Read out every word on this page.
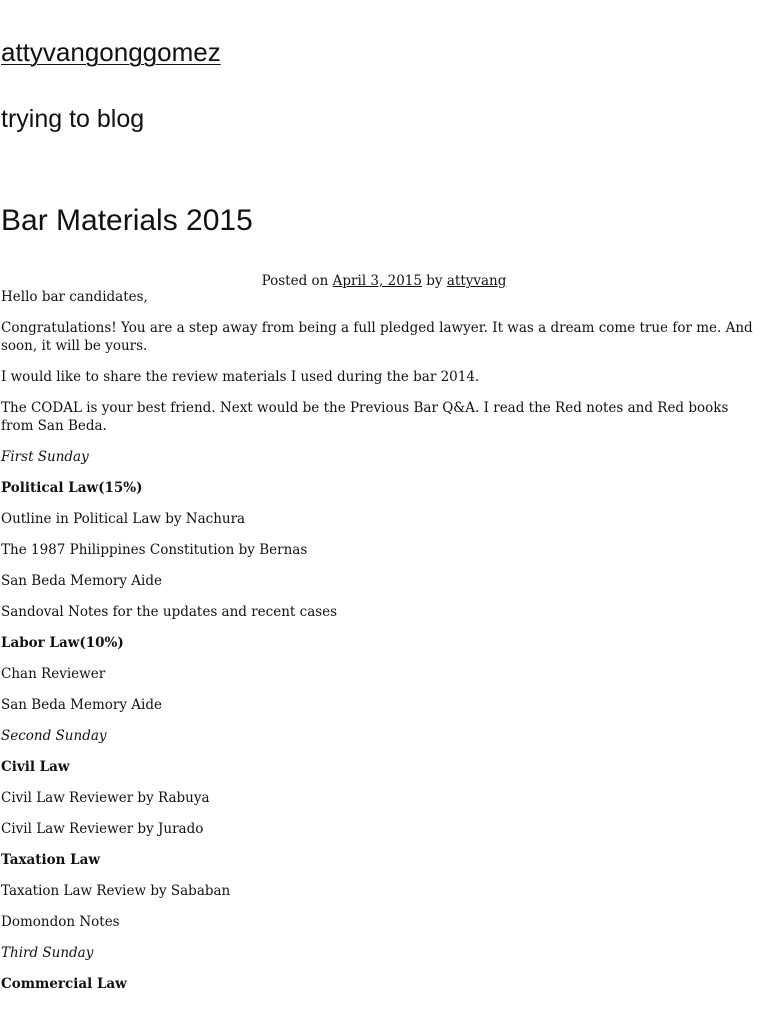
attyvangonggomez
trying to blog
Bar Materials 2015
Posted on April 3, 2015 by attyvang

Hello bar candidates,

Congratulations! You are a step away from being a full pledged lawyer. It was a dream come true for me. And soon, it will be yours.

I would like to share the review materials I used during the bar 2014.

The CODAL is your best friend. Next would be the Previous Bar Q&A. I read the Red notes and Red books from San Beda.

First Sunday

Political Law(15%)

Outline in Political Law by Nachura

The 1987 Philippines Constitution by Bernas

San Beda Memory Aide

Sandoval Notes for the updates and recent cases

Labor Law(10%)

Chan Reviewer

San Beda Memory Aide

Second Sunday

Civil Law

Civil Law Reviewer by Rabuya

Civil Law Reviewer by Jurado

Taxation Law

Taxation Law Review by Sababan

Domondon Notes

Third Sunday

Commercial Law
